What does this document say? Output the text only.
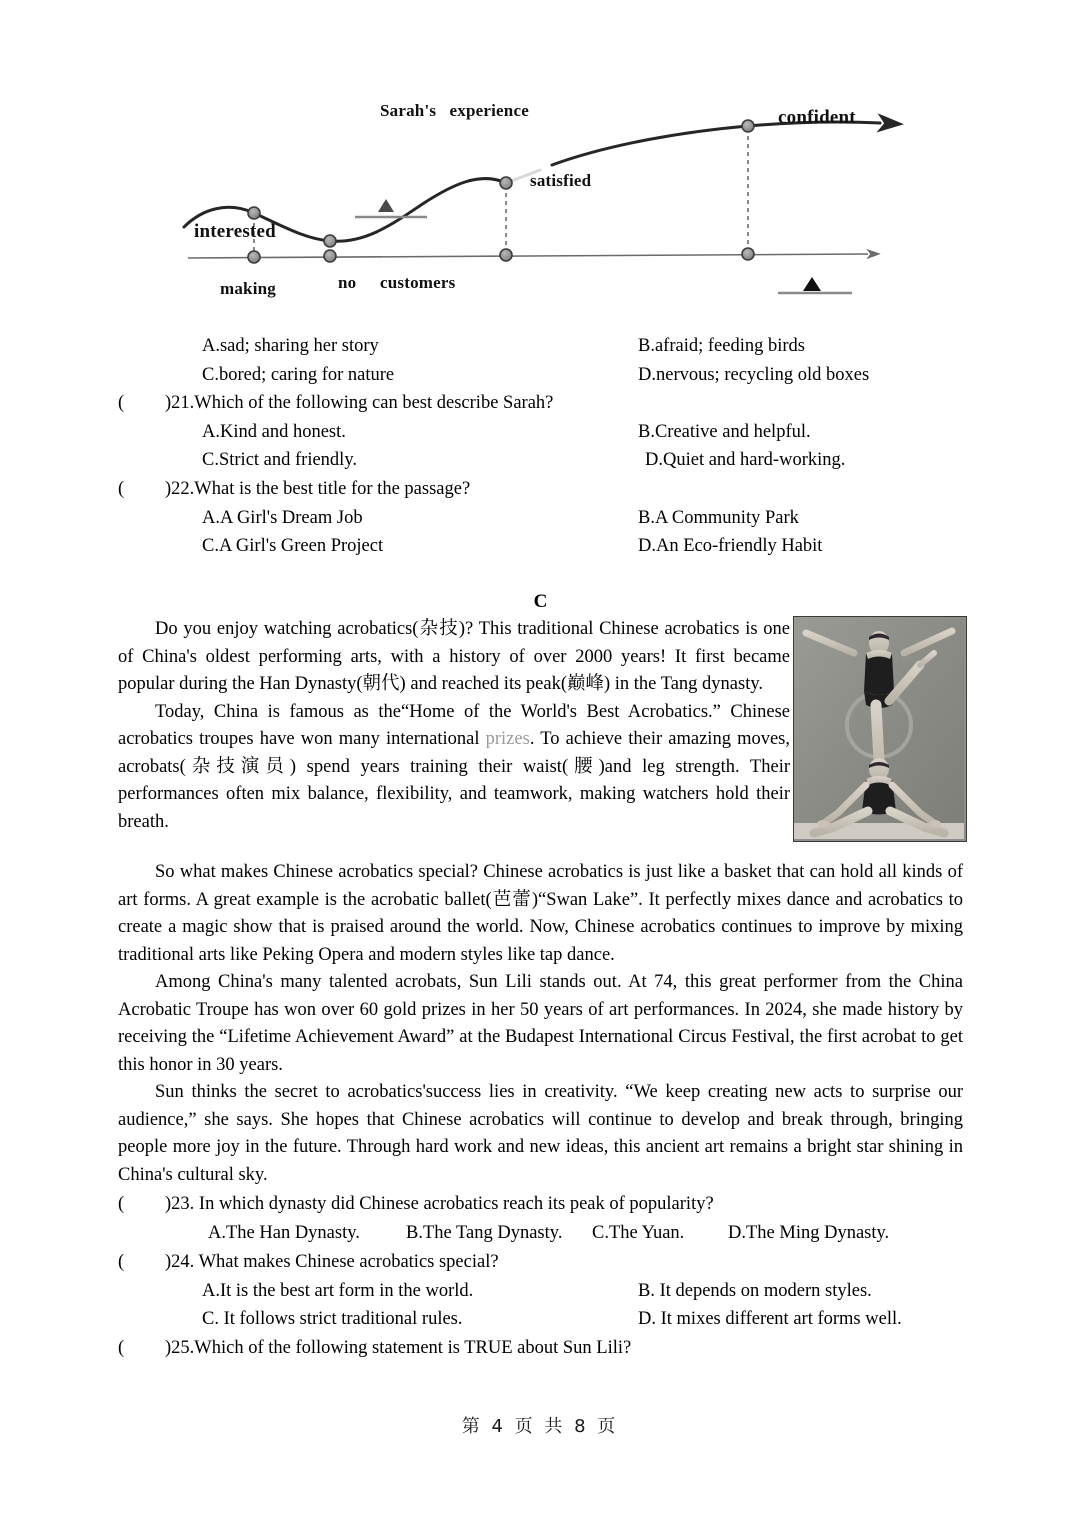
Sarah's   experience
interested
satisfied
confident
making	no customers
A.sad; sharing her story	B.afraid; feeding birds
C.bored; caring for nature	D.nervous; recycling old boxes
( )21.Which of the following can best describe Sarah?
A.Kind and honest.	B.Creative and helpful.
C.Strict and friendly.	D.Quiet and hard-working.
( )22.What is the best title for the passage?
A.A Girl's Dream Job	B.A Community Park
C.A Girl's Green Project	D.An Eco-friendly Habit
C

Do you enjoy watching acrobatics(杂技)? This traditional Chinese acrobatics is one of China's oldest performing arts, with a history of over 2000 years! It first became popular during the Han Dynasty(朝代) and reached its peak(巅峰) in the Tang dynasty.

Today, China is famous as the“Home of the World's Best Acrobatics.” Chinese acrobatics troupes have won many international prizes. To achieve their amazing moves, acrobats(杂技演员) spend years training their waist(腰)and leg strength. Their performances often mix balance, flexibility, and teamwork, making watchers hold their breath.

So what makes Chinese acrobatics special? Chinese acrobatics is just like a basket that can hold all kinds of art forms. A great example is the acrobatic ballet(芭蕾)“Swan Lake”. It perfectly mixes dance and acrobatics to create a magic show that is praised around the world. Now, Chinese acrobatics continues to improve by mixing traditional arts like Peking Opera and modern styles like tap dance.

Among China's many talented acrobats, Sun Lili stands out. At 74, this great performer from the China Acrobatic Troupe has won over 60 gold prizes in her 50 years of art performances. In 2024, she made history by receiving the “Lifetime Achievement Award” at the Budapest International Circus Festival, the first acrobat to get this honor in 30 years.

Sun thinks the secret to acrobatics'success lies in creativity. “We keep creating new acts to surprise our audience,” she says. She hopes that Chinese acrobatics will continue to develop and break through, bringing people more joy in the future. Through hard work and new ideas, this ancient art remains a bright star shining in China's cultural sky.

( )23. In which dynasty did Chinese acrobatics reach its peak of popularity?
A.The Han Dynasty. B.The Tang Dynasty. C.The Yuan. D.The Ming Dynasty.
( )24. What makes Chinese acrobatics special?
A.It is the best art form in the world.	B. It depends on modern styles.
C. It follows strict traditional rules.	D. It mixes different art forms well.
( )25.Which of the following statement is TRUE about Sun Lili?
第 4 页 共 8 页
